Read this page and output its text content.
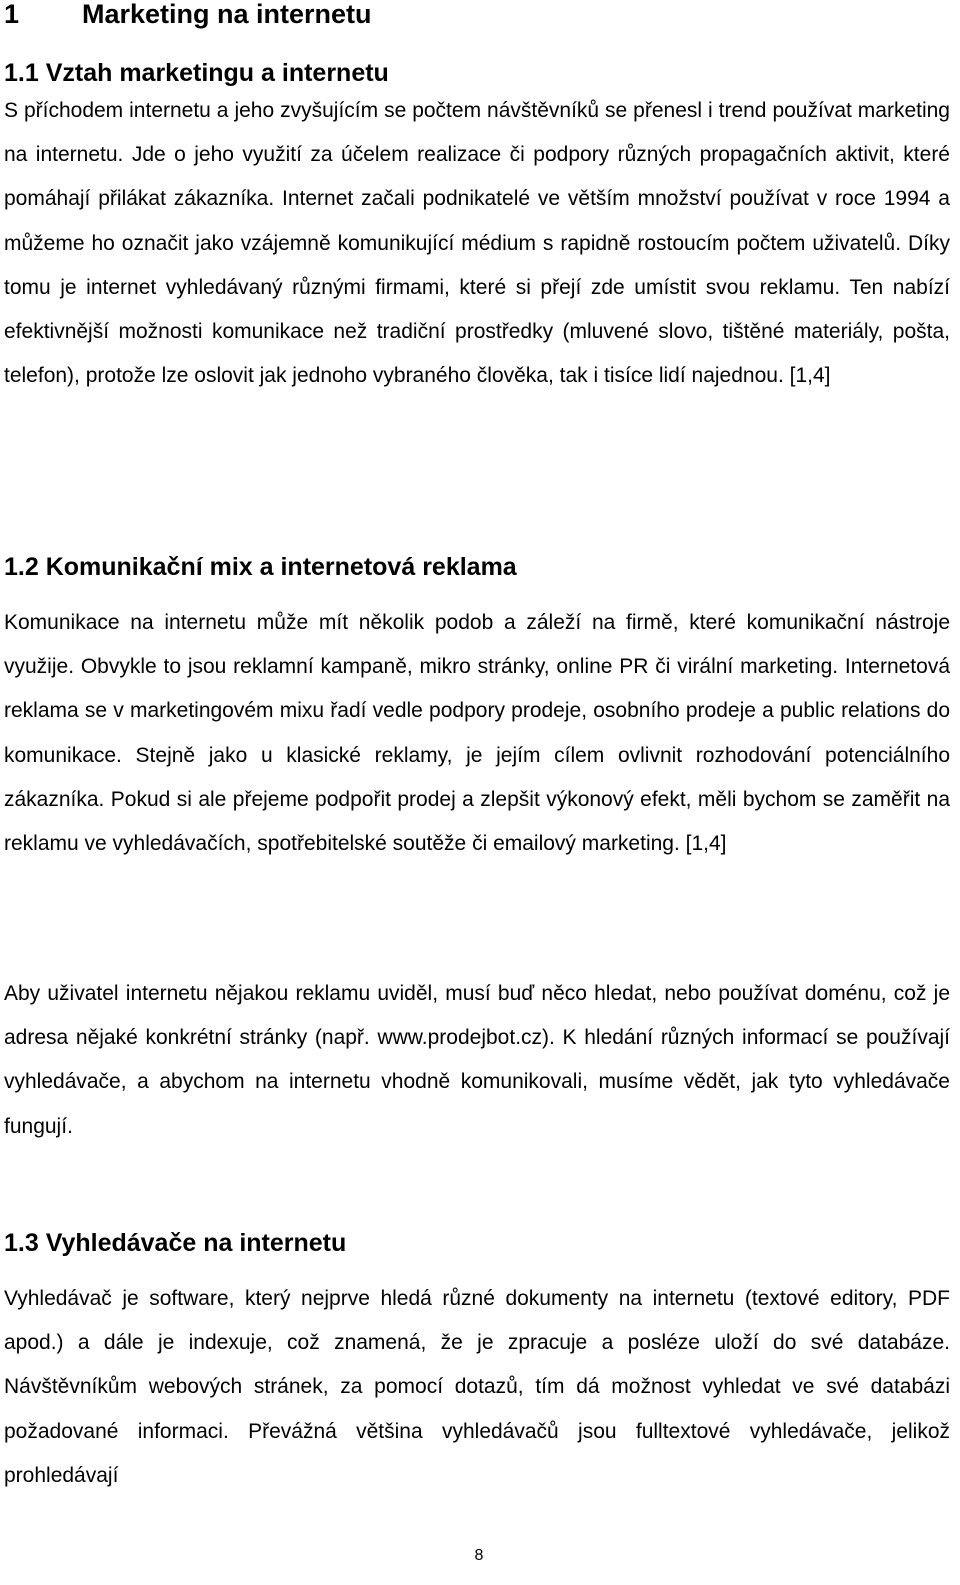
1 Marketing na internetu
1.1 Vztah marketingu a internetu

S příchodem internetu a jeho zvyšujícím se počtem návštěvníků se přenesl i trend používat marketing na internetu. Jde o jeho využití za účelem realizace či podpory různých propagačních aktivit, které pomáhají přilákat zákazníka. Internet začali podnikatelé ve větším množství používat v roce 1994 a můžeme ho označit jako vzájemně komunikující médium s rapidně rostoucím počtem uživatelů. Díky tomu je internet vyhledávaný různými firmami, které si přejí zde umístit svou reklamu. Ten nabízí efektivnější možnosti komunikace než tradiční prostředky (mluvené slovo, tištěné materiály, pošta, telefon), protože lze oslovit jak jednoho vybraného člověka, tak i tisíce lidí najednou. [1,4]

1.2 Komunikační mix a internetová reklama

Komunikace na internetu může mít několik podob a záleží na firmě, které komunikační nástroje využije. Obvykle to jsou reklamní kampaně, mikro stránky, online PR či virální marketing. Internetová reklama se v marketingovém mixu řadí vedle podpory prodeje, osobního prodeje a public relations do komunikace. Stejně jako u klasické reklamy, je jejím cílem ovlivnit rozhodování potenciálního zákazníka. Pokud si ale přejeme podpořit prodej a zlepšit výkonový efekt, měli bychom se zaměřit na reklamu ve vyhledávačích, spotřebitelské soutěže či emailový marketing. [1,4]

Aby uživatel internetu nějakou reklamu uviděl, musí buď něco hledat, nebo používat doménu, což je adresa nějaké konkrétní stránky (např. www.prodejbot.cz). K hledání různých informací se používají vyhledávače, a abychom na internetu vhodně komunikovali, musíme vědět, jak tyto vyhledávače fungují.

1.3 Vyhledávače na internetu

Vyhledávač je software, který nejprve hledá různé dokumenty na internetu (textové editory, PDF apod.) a dále je indexuje, což znamená, že je zpracuje a posléze uloží do své databáze. Návštěvníkům webových stránek, za pomocí dotazů, tím dá možnost vyhledat ve své databázi požadované informaci. Převážná většina vyhledávačů jsou fulltextové vyhledávače, jelikož prohledávají

8
